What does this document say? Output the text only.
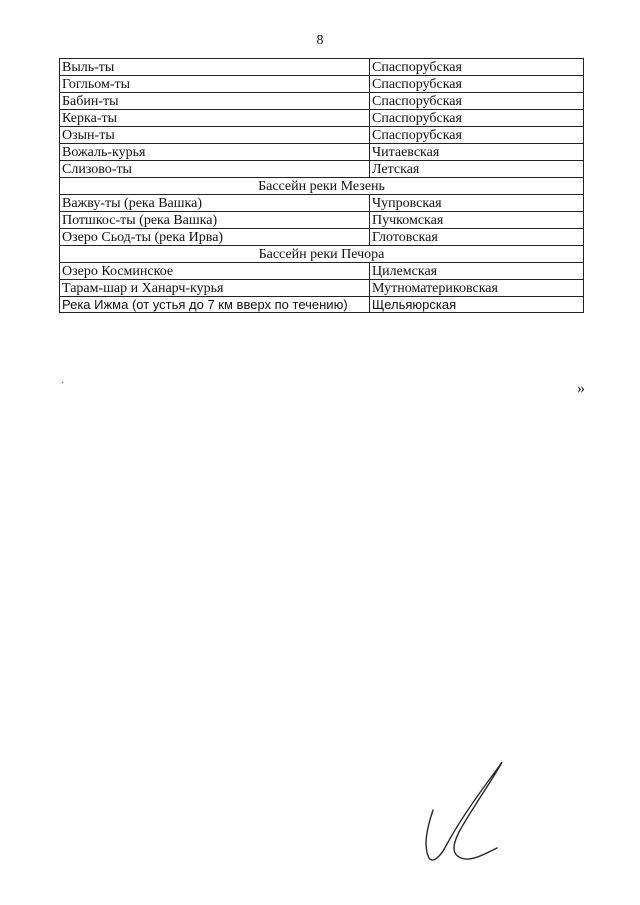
8
Выль-ты	Спаспорубская
Гогльом-ты	Спаспорубская
Бабин-ты	Спаспорубская
Керка-ты	Спаспорубская
Озын-ты	Спаспорубская
Вожаль-курья	Читаевская
Слизово-ты	Летская
Бассейн реки Мезень	
Важву-ты (река Вашка)	Чупровская
Потшкос-ты (река Вашка)	Пучкомская
Озеро Сьод-ты (река Ирва)	Глотовская
Бассейн реки Печора	
Озеро Косминское	Цилемская
Тарам-шар и Ханарч-курья	Мутноматериковская
Река Ижма (от устья до 7 км вверх по течению)	Щельяюрская
»
.
